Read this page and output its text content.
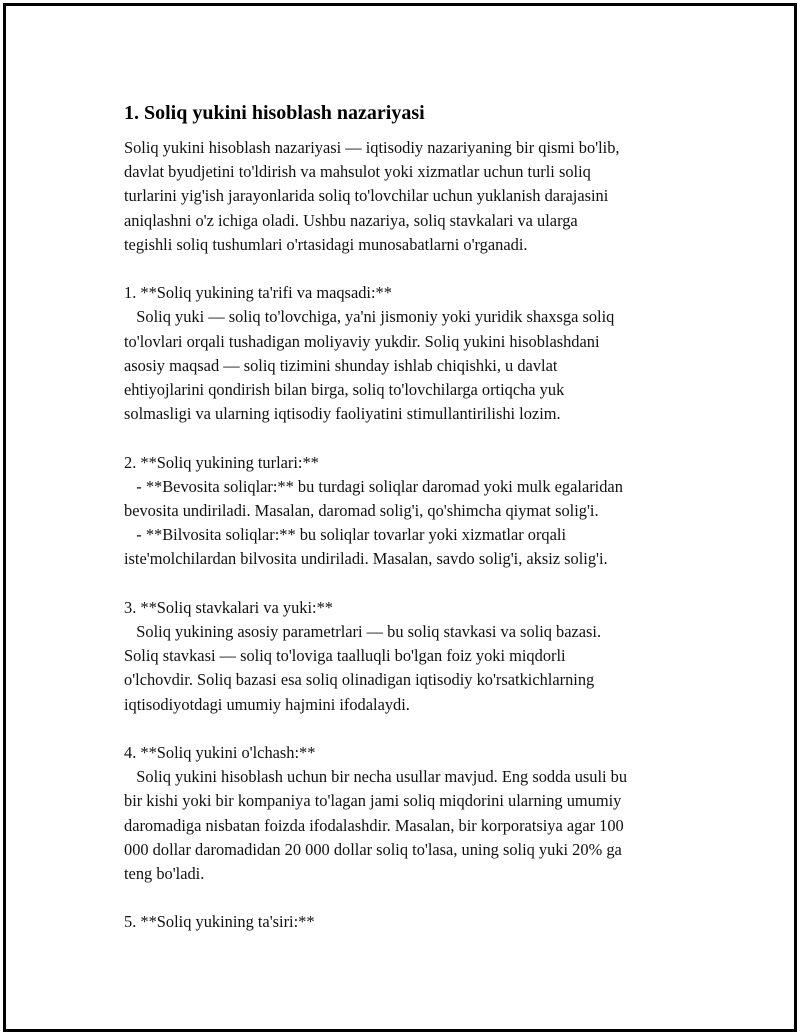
1. Soliq yukini hisoblash nazariyasi

Soliq yukini hisoblash nazariyasi — iqtisodiy nazariyaning bir qismi bo'lib,
davlat byudjetini to'ldirish va mahsulot yoki xizmatlar uchun turli soliq
turlarini yig'ish jarayonlarida soliq to'lovchilar uchun yuklanish darajasini
aniqlashni o'z ichiga oladi. Ushbu nazariya, soliq stavkalari va ularga
tegishli soliq tushumlari o'rtasidagi munosabatlarni o'rganadi.

1. **Soliq yukining ta'rifi va maqsadi:**
Soliq yuki — soliq to'lovchiga, ya'ni jismoniy yoki yuridik shaxsga soliq
to'lovlari orqali tushadigan moliyaviy yukdir. Soliq yukini hisoblashdani
asosiy maqsad — soliq tizimini shunday ishlab chiqishki, u davlat
ehtiyojlarini qondirish bilan birga, soliq to'lovchilarga ortiqcha yuk
solmasligi va ularning iqtisodiy faoliyatini stimullantirilishi lozim.

2. **Soliq yukining turlari:**
- **Bevosita soliqlar:** bu turdagi soliqlar daromad yoki mulk egalaridan
bevosita undiriladi. Masalan, daromad solig'i, qo'shimcha qiymat solig'i.
- **Bilvosita soliqlar:** bu soliqlar tovarlar yoki xizmatlar orqali
iste'molchilardan bilvosita undiriladi. Masalan, savdo solig'i, aksiz solig'i.

3. **Soliq stavkalari va yuki:**
Soliq yukining asosiy parametrlari — bu soliq stavkasi va soliq bazasi.
Soliq stavkasi — soliq to'loviga taalluqli bo'lgan foiz yoki miqdorli
o'lchovdir. Soliq bazasi esa soliq olinadigan iqtisodiy ko'rsatkichlarning
iqtisodiyotdagi umumiy hajmini ifodalaydi.

4. **Soliq yukini o'lchash:**
Soliq yukini hisoblash uchun bir necha usullar mavjud. Eng sodda usuli bu
bir kishi yoki bir kompaniya to'lagan jami soliq miqdorini ularning umumiy
daromadiga nisbatan foizda ifodalashdir. Masalan, bir korporatsiya agar 100
000 dollar daromadidan 20 000 dollar soliq to'lasa, uning soliq yuki 20% ga
teng bo'ladi.

5. **Soliq yukining ta'siri:**
